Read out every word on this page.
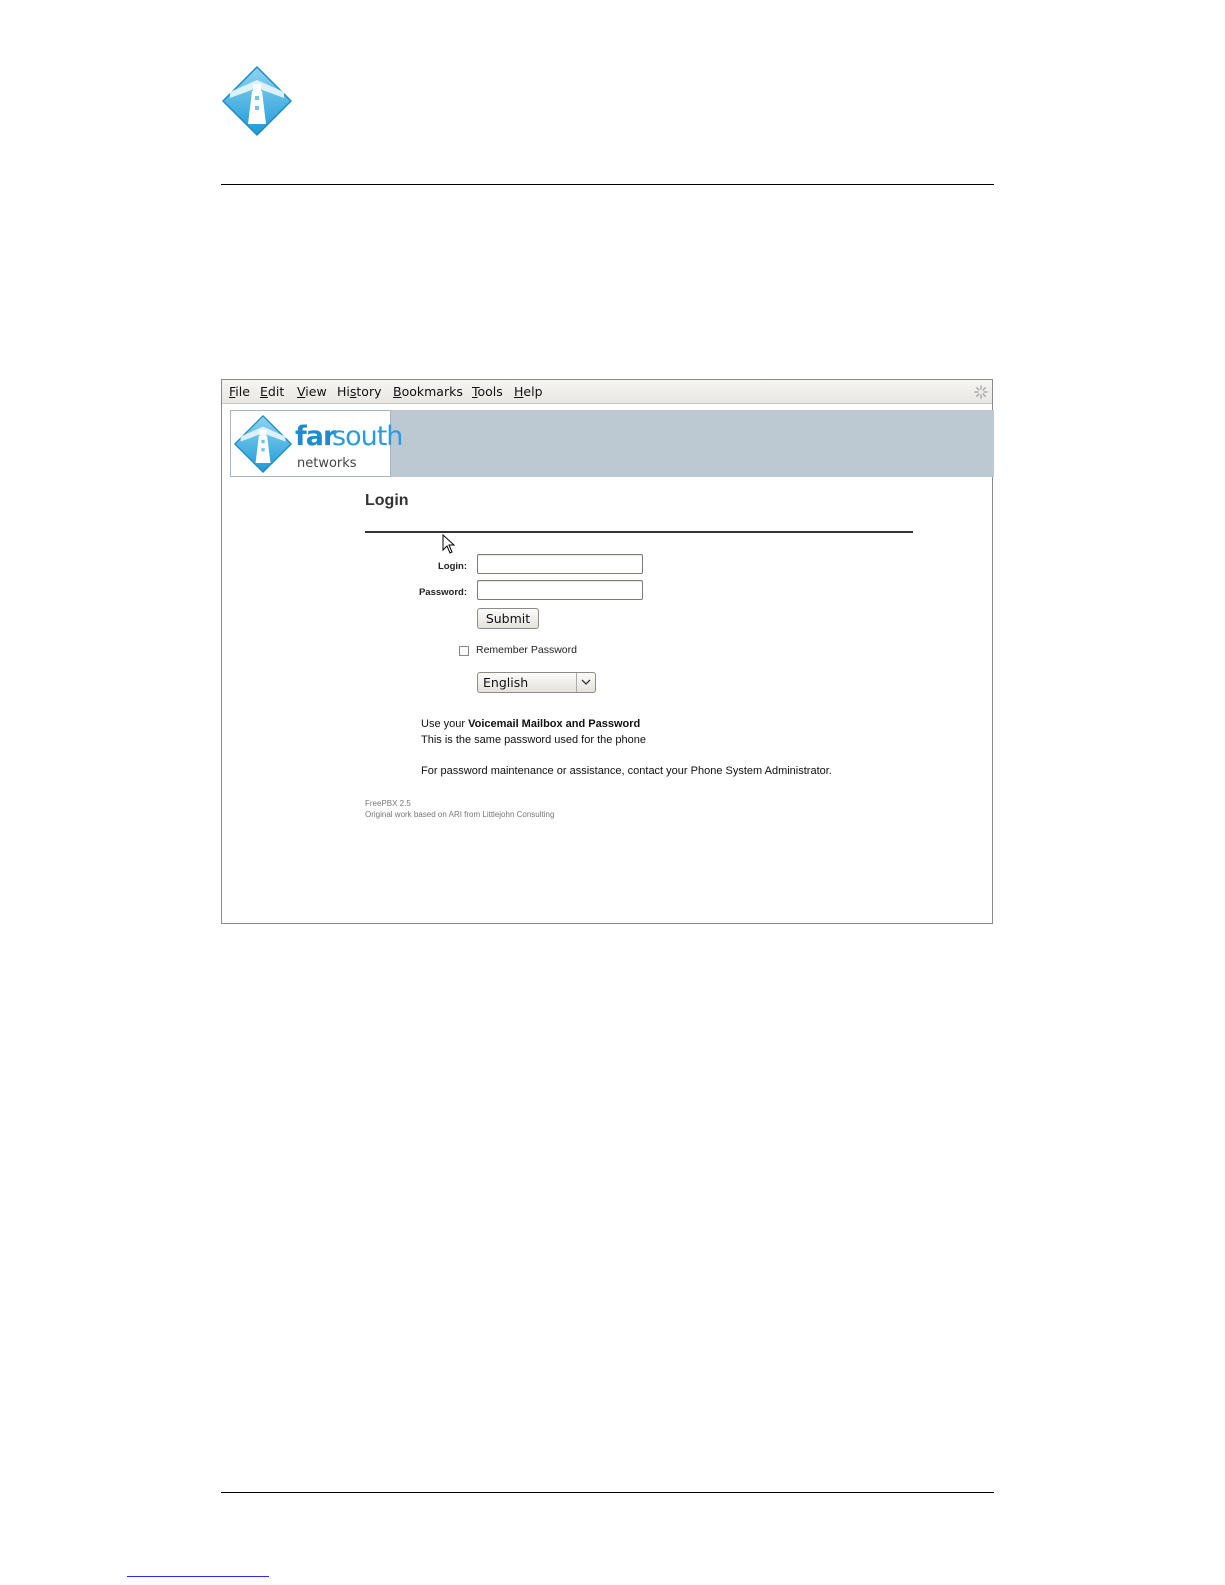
File Edit View History Bookmarks Tools Help
far
south
networks
Login
Login:
Password:
Submit
Remember Password
English
Use your Voicemail Mailbox and Password
This is the same password used for the phone
For password maintenance or assistance, contact your Phone System Administrator.
FreePBX 2.5
Original work based on ARI from Littlejohn Consulting
